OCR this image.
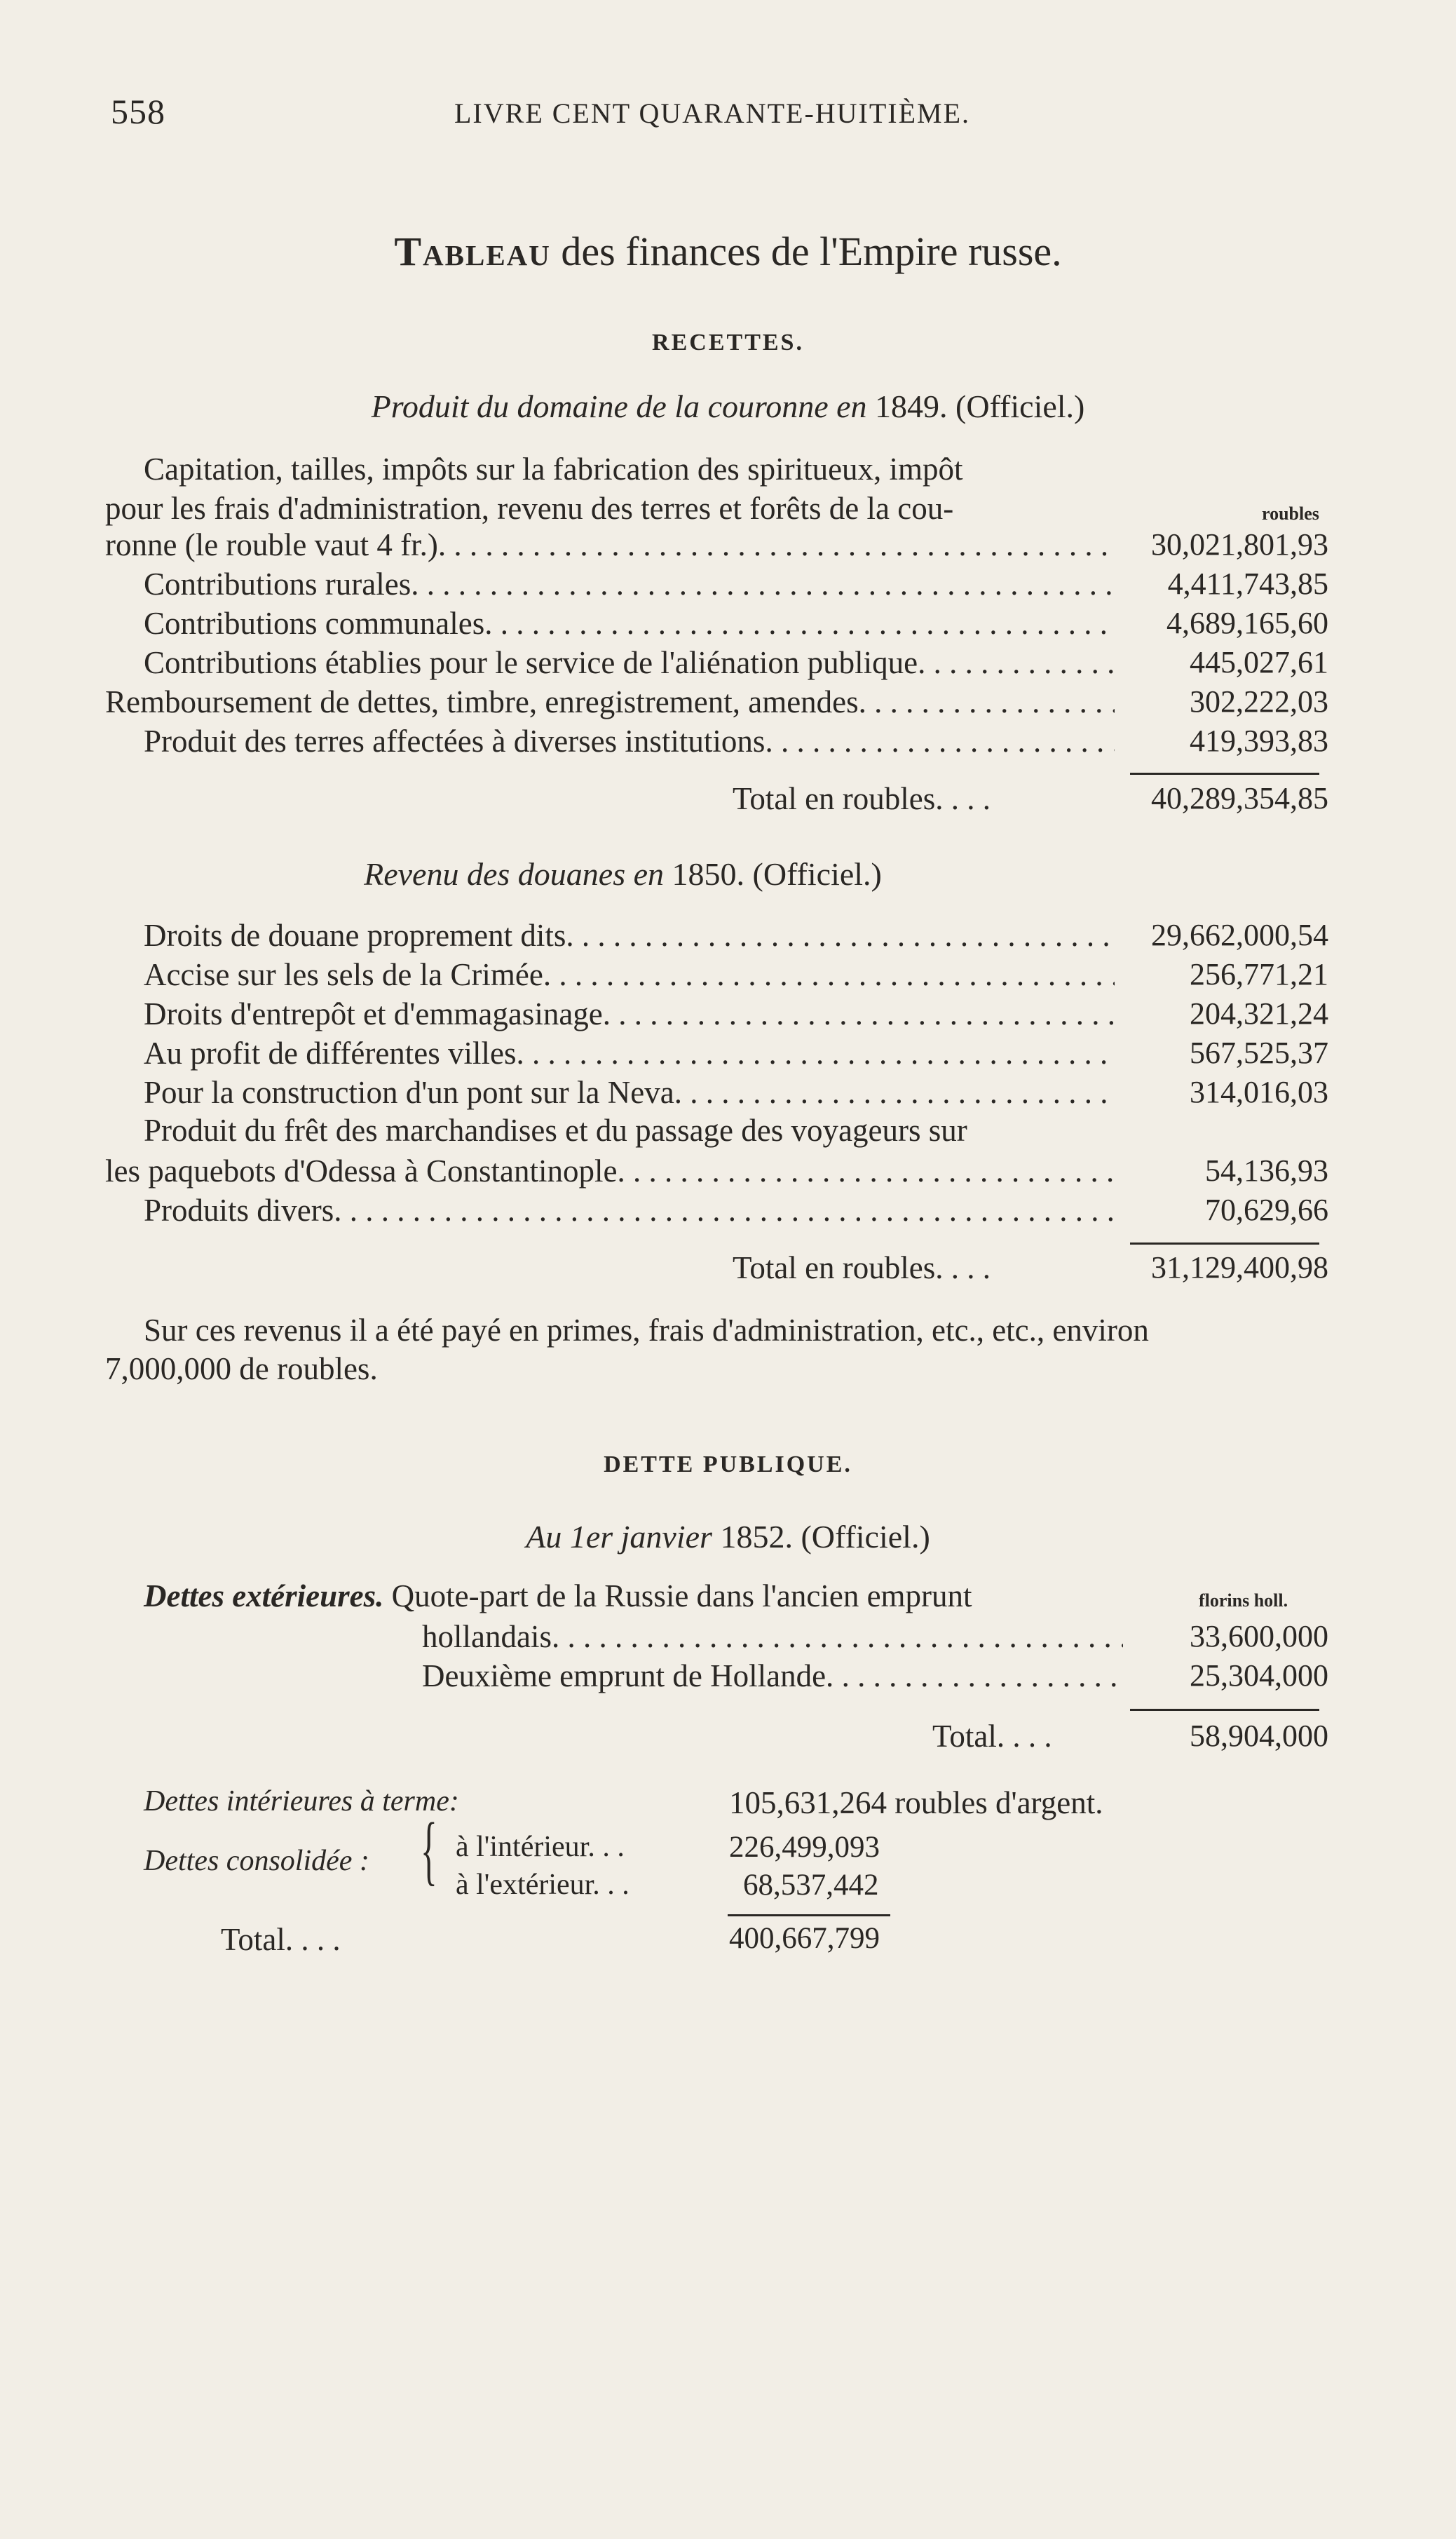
558	LIVRE CENT QUARANTE-HUITIÈME.
Tableau des finances de l'Empire russe.
RECETTES.
Produit du domaine de la couronne en 1849. (Officiel.)
Capitation, tailles, impôts sur la fabrication des spiritueux, impôt
pour les frais d'administration, revenu des terres et forêts de la cou-	roubles
ronne (le rouble vaut 4 fr.). . . .	30,021,801,93
Contributions rurales. . . .	4,411,743,85
Contributions communales. . . .	4,689,165,60
Contributions établies pour le service de l'aliénation publique. . . .	445,027,61
Remboursement de dettes, timbre, enregistrement, amendes. . . .	302,222,03
Produit des terres affectées à diverses institutions. . . .	419,393,83
Total en roubles. . . .	40,289,354,85
Revenu des douanes en 1850. (Officiel.)
Droits de douane proprement dits. . . .	29,662,000,54
Accise sur les sels de la Crimée. . . .	256,771,21
Droits d'entrepôt et d'emmagasinage. . . .	204,321,24
Au profit de différentes villes. . . .	567,525,37
Pour la construction d'un pont sur la Neva. . . .	314,016,03
Produit du frêt des marchandises et du passage des voyageurs sur
les paquebots d'Odessa à Constantinople. . . .	54,136,93
Produits divers. . . .	70,629,66
Total en roubles. . . .	31,129,400,98
Sur ces revenus il a été payé en primes, frais d'administration, etc., etc., environ
7,000,000 de roubles.
DETTE PUBLIQUE.
Au 1er janvier 1852. (Officiel.)
Dettes extérieures. Quote-part de la Russie dans l'ancien emprunt	florins holl.
hollandais. . . .	33,600,000
Deuxième emprunt de Hollande. . . .	25,304,000
Total. . . .	58,904,000
Dettes intérieures à terme:	105,631,264 roubles d'argent.
Dettes consolidée : { à l'intérieur. . .	226,499,093
à l'extérieur. . .	68,537,442
Total. . . .	400,667,799
